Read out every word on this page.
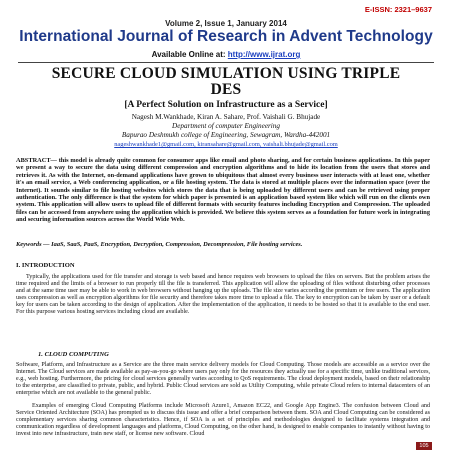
E-ISSN: 2321–9637
Volume 2, Issue 1, January 2014
International Journal of Research in Advent Technology
Available Online at: http://www.ijrat.org
SECURE CLOUD SIMULATION USING TRIPLE
DES
[A Perfect Solution on Infrastructure as a Service]
Nagesh M.Wankhade, Kiran A. Sahare, Prof. Vaishali G. Bhujade
Department of computer Engineering
Bapurao Deshmukh college of Engineering, Sewagram, Wardha-442001
nageshwankhade1@gmail.com, kiransahare@gmail.com, vaishali.bhujade@gmail.com
ABSTRACT— this model is already quite common for consumer apps like email and photo sharing, and for certain business applications. In this paper we present a way to secure the data using different compression and encryption algorithms and to hide its location from the users that stores and retrieves it. As with the Internet, on-demand applications have grown to ubiquitous that almost every business user interacts with at least one, whether it's an email service, a Web conferencing application, or a file hosting system. The data is stored at multiple places over the information space (over the Internet). It sounds similar to file hosting websites which stores the data that is being uploaded by different users and can be retrieved using proper authentication. The only difference is that the system for which paper is presented is an application based system like which will run on the clients own system. This application will allow users to upload file of different formats with security features including Encryption and Compression. The uploaded files can be accessed from anywhere using the application which is provided. We believe this system serves as a foundation for future work in integrating and securing information sources across the World Wide Web.
Keywords — IaaS, SaaS, PaaS, Encryption, Decryption, Compression, Decompression, File hosting services.
I. INTRODUCTION
Typically, the applications used for file transfer and storage is web based and hence requires web browsers to upload the files on servers. But the problem arises the time required and the limits of a browser to run properly till the file is transferred. This application will allow the uploading of files without disturbing other processes and at the same time user may be able to work in web browsers without hanging up the uploads. The file size varies according the premium or free users. The application uses compression as well as encryption algorithms for file security and therefore takes more time to upload a file. The key to encryption can be taken by user or a default key for users can be taken according to the design of application. After the implementation of the application, it needs to be hosted so that it is available to the end user. For this purpose various hosting services including cloud are available.
1. CLOUD COMPUTING
Software, Platform, and Infrastructure as a Service are the three main service delivery models for Cloud Computing. Those models are accessible as a service over the Internet. The Cloud services are made available as pay-as-you-go where users pay only for the resources they actually use for a specific time, unlike traditional services, e.g., web hosting. Furthermore, the pricing for cloud services generally varies according to QoS requirements. The cloud deployment models, based on their relationship to the enterprise, are classified to private, public, and hybrid. Public Cloud services are sold as Utility Computing, while private Cloud refers to internal datacenters of an enterprise which are not available to the general public.
Examples of emerging Cloud Computing Platforms include Microsoft Azure1, Amazon EC22, and Google App Engine3. The confusion between Cloud and Service Oriented Architecture (SOA) has prompted us to discuss this issue and offer a brief comparison between them. SOA and Cloud Computing can be considered as complementary services sharing common characteristics. Hence, if SOA is a set of principles and methodologies designed to facilitate systems integration and communication regardless of development languages and platforms, Cloud Computing, on the other hand, is designed to enable companies to instantly without having to invest into new infrastructure, train new staff, or license new software. Cloud
105
